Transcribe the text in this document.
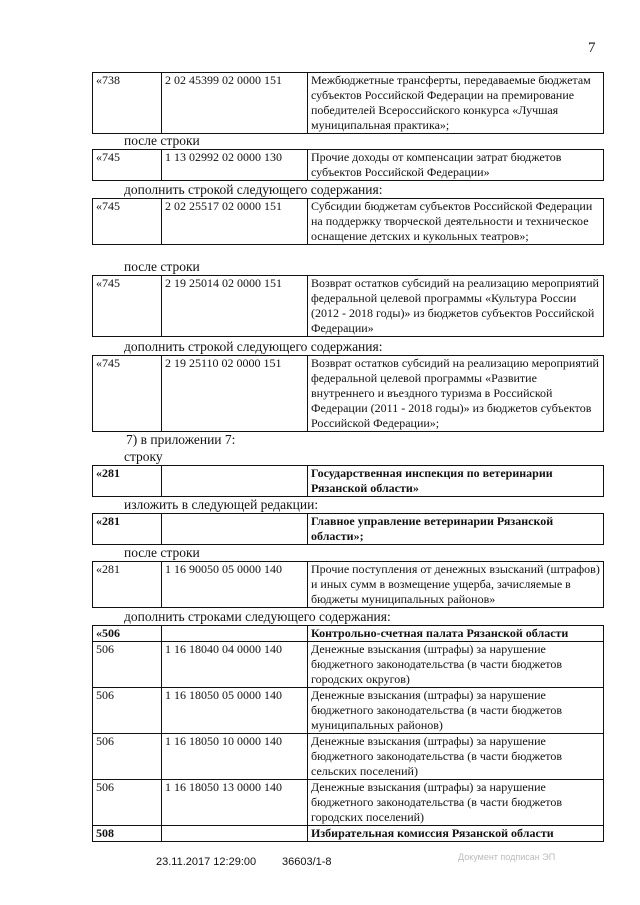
7
«738	2 02 45399 02 0000 151	Межбюджетные трансферты, передаваемые бюджетам субъектов Российской Федерации на премирование победителей Всероссийского конкурса «Лучшая муниципальная практика»;
после строки
«745	1 13 02992 02 0000 130	Прочие доходы от компенсации затрат бюджетов субъектов Российской Федерации»
дополнить строкой следующего содержания:
«745	2 02 25517 02 0000 151	Субсидии бюджетам субъектов Российской Федерации на поддержку творческой деятельности и техническое оснащение детских и кукольных театров»;
после строки
«745	2 19 25014 02 0000 151	Возврат остатков субсидий на реализацию мероприятий федеральной целевой программы «Культура России (2012 - 2018 годы)» из бюджетов субъектов Российской Федерации»
дополнить строкой следующего содержания:
«745	2 19 25110 02 0000 151	Возврат остатков субсидий на реализацию мероприятий федеральной целевой программы «Развитие внутреннего и въездного туризма в Российской Федерации (2011 - 2018 годы)» из бюджетов субъектов Российской Федерации»;
7) в приложении 7:
строку
«281		Государственная инспекция по ветеринарии Рязанской области»
изложить в следующей редакции:
«281		Главное управление ветеринарии Рязанской области»;
после строки
«281	1 16 90050 05 0000 140	Прочие поступления от денежных взысканий (штрафов) и иных сумм в возмещение ущерба, зачисляемые в бюджеты муниципальных районов»
дополнить строками следующего содержания:
«506		Контрольно-счетная палата Рязанской области
506	1 16 18040 04 0000 140	Денежные взыскания (штрафы) за нарушение бюджетного законодательства (в части бюджетов городских округов)
506	1 16 18050 05 0000 140	Денежные взыскания (штрафы) за нарушение бюджетного законодательства (в части бюджетов муниципальных районов)
506	1 16 18050 10 0000 140	Денежные взыскания (штрафы) за нарушение бюджетного законодательства (в части бюджетов сельских поселений)
506	1 16 18050 13 0000 140	Денежные взыскания (штрафы) за нарушение бюджетного законодательства (в части бюджетов городских поселений)
508		Избирательная комиссия Рязанской области
23.11.2017 12:29:00 36603/1-8	Документ подписан ЭП
